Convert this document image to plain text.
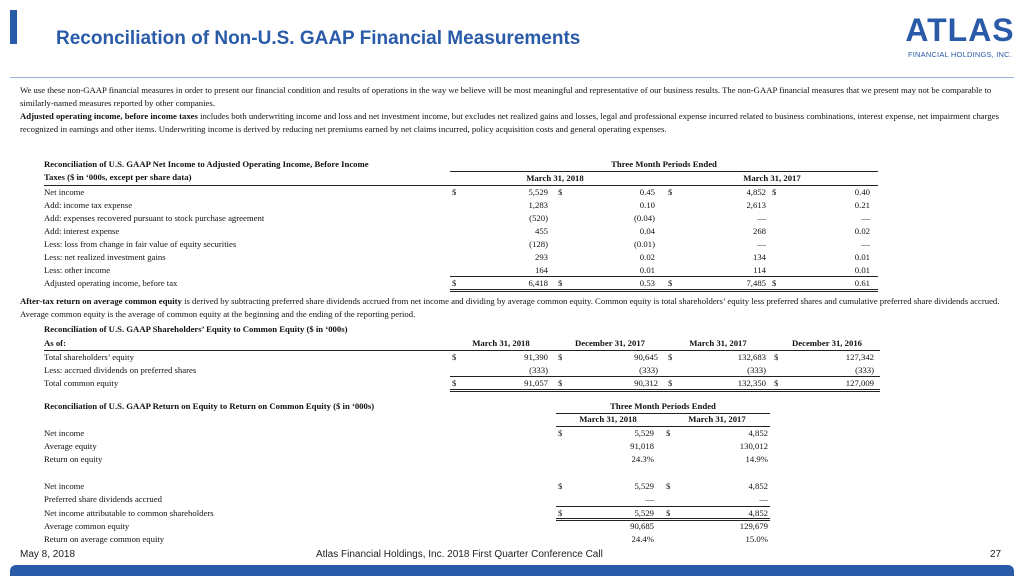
Reconciliation of Non-U.S. GAAP Financial Measurements	ATLAS
FINANCIAL HOLDINGS, INC.

We use these non-GAAP financial measures in order to present our financial condition and results of operations in the way we believe will be most meaningful and representative of our business results. The non-GAAP financial measures that we present may not be comparable to similarly-named measures reported by other companies.

Adjusted operating income, before income taxes includes both underwriting income and loss and net investment income, but excludes net realized gains and losses, legal and professional expense incurred related to business combinations, interest expense, net impairment charges recognized in earnings and other items. Underwriting income is derived by reducing net premiums earned by net claims incurred, policy acquisition costs and general operating expenses.

Reconciliation of U.S. GAAP Net Income to Adjusted Operating Income, Before Income
Taxes ($ in ‘000s, except per share data)
Three Month Periods Ended
March 31, 2018	March 31, 2017
Net income	$	5,529 $	0.45 $	4,852 $	0.40
Add: income tax expense	1,283	0.10	2,613	0.21
Add: expenses recovered pursuant to stock purchase agreement	(520)	(0.04)	—	—
Add: interest expense	455	0.04	268	0.02
Less: loss from change in fair value of equity securities	(128)	(0.01)	—	—
Less: net realized investment gains	293	0.02	134	0.01
Less: other income	164	0.01	114	0.01
Adjusted operating income, before tax	$	6,418 $	0.53 $	7,485 $	0.61

After-tax return on average common equity is derived by subtracting preferred share dividends accrued from net income and dividing by average common equity. Common equity is total shareholders’ equity less preferred shares and cumulative preferred share dividends accrued. Average common equity is the average of common equity at the beginning and the ending of the reporting period.

Reconciliation of U.S. GAAP Shareholders’ Equity to Common Equity ($ in ‘000s)
As of:	March 31, 2018	December 31, 2017	March 31, 2017	December 31, 2016
Total shareholders’ equity	$	91,390 $	90,645 $	132,683 $	127,342
Less: accrued dividends on preferred shares	(333)	(333)	(333)	(333)
Total common equity	$	91,057 $	90,312 $	132,350 $	127,009
Reconciliation of U.S. GAAP Return on Equity to Return on Common Equity ($ in ‘000s)	Three Month Periods Ended
March 31, 2018	March 31, 2017
Net income	$	5,529 $	4,852
Average equity	91,018	130,012
Return on equity	24.3%	14.9%
Net income	$	5,529 $	4,852
Preferred share dividends accrued	—	—
Net income attributable to common shareholders	$	5,529 $	4,852
Average common equity	90,685	129,679
Return on average common equity	24.4%	15.0%
May 8, 2018	Atlas Financial Holdings, Inc. 2018 First Quarter Conference Call	27
